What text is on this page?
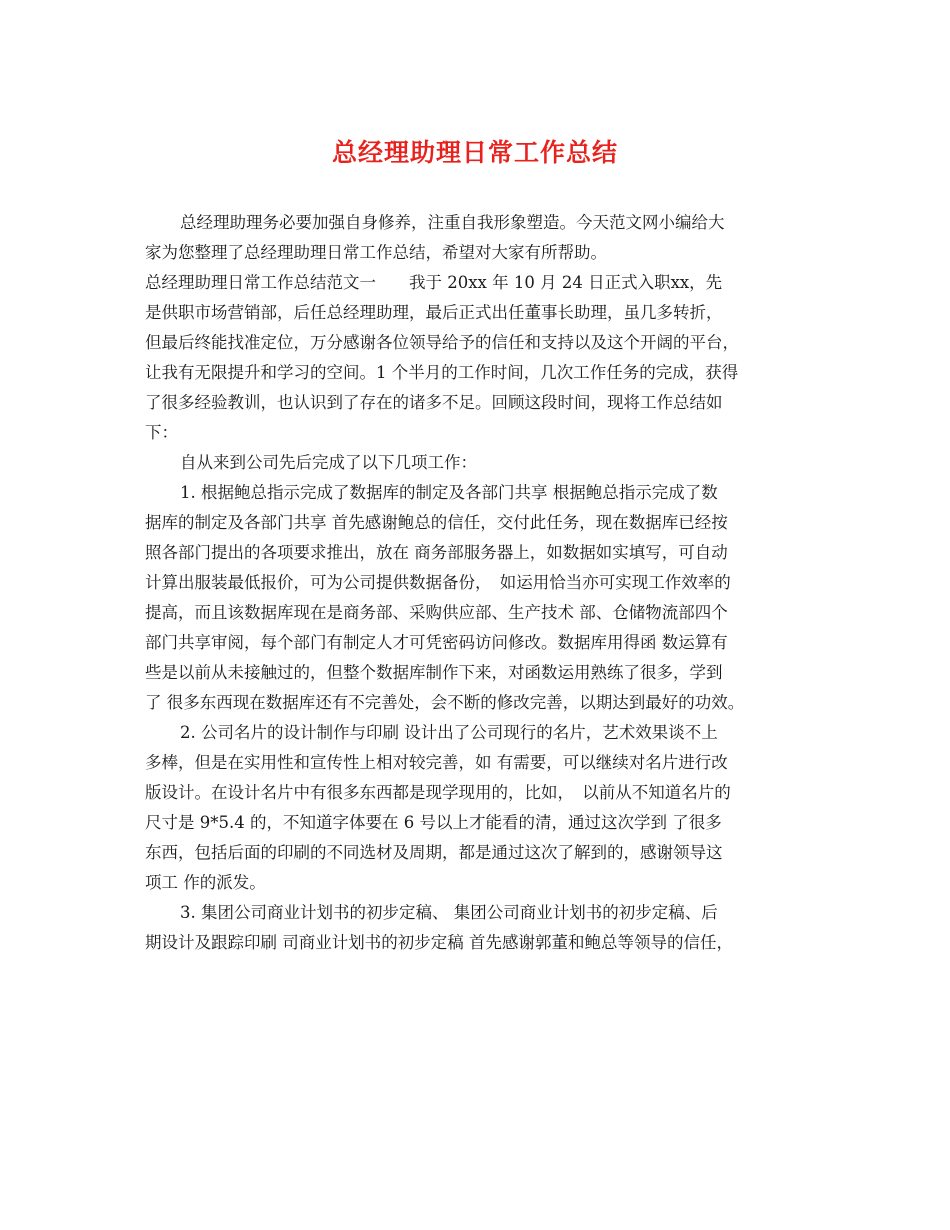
总经理助理日常工作总结
总经理助理务必要加强自身修养，注重自我形象塑造。今天范文网小编给大
家为您整理了总经理助理日常工作总结，希望对大家有所帮助。
总经理助理日常工作总结范文一　　我于 20xx 年 10 月 24 日正式入职xx，先
是供职市场营销部，后任总经理助理，最后正式出任董事长助理，虽几多转折，
但最后终能找准定位，万分感谢各位领导给予的信任和支持以及这个开阔的平台，
让我有无限提升和学习的空间。1 个半月的工作时间，几次工作任务的完成，获得
了很多经验教训，也认识到了存在的诸多不足。回顾这段时间，现将工作总结如
下：
自从来到公司先后完成了以下几项工作：
1. 根据鲍总指示完成了数据库的制定及各部门共享 根据鲍总指示完成了数
据库的制定及各部门共享 首先感谢鲍总的信任，交付此任务，现在数据库已经按
照各部门提出的各项要求推出，放在 商务部服务器上，如数据如实填写，可自动
计算出服装最低报价，可为公司提供数据备份，　如运用恰当亦可实现工作效率的
提高，而且该数据库现在是商务部、采购供应部、生产技术 部、仓储物流部四个
部门共享审阅，每个部门有制定人才可凭密码访问修改。数据库用得函 数运算有
些是以前从未接触过的，但整个数据库制作下来，对函数运用熟练了很多，学到
了 很多东西现在数据库还有不完善处，会不断的修改完善，以期达到最好的功效。
2. 公司名片的设计制作与印刷 设计出了公司现行的名片，艺术效果谈不上
多棒，但是在实用性和宣传性上相对较完善，如 有需要，可以继续对名片进行改
版设计。在设计名片中有很多东西都是现学现用的，比如，　以前从不知道名片的
尺寸是 9*5.4 的，不知道字体要在 6 号以上才能看的清，通过这次学到 了很多
东西，包括后面的印刷的不同选材及周期，都是通过这次了解到的，感谢领导这
项工 作的派发。
3. 集团公司商业计划书的初步定稿、 集团公司商业计划书的初步定稿、后
期设计及跟踪印刷 司商业计划书的初步定稿 首先感谢郭董和鲍总等领导的信任，
